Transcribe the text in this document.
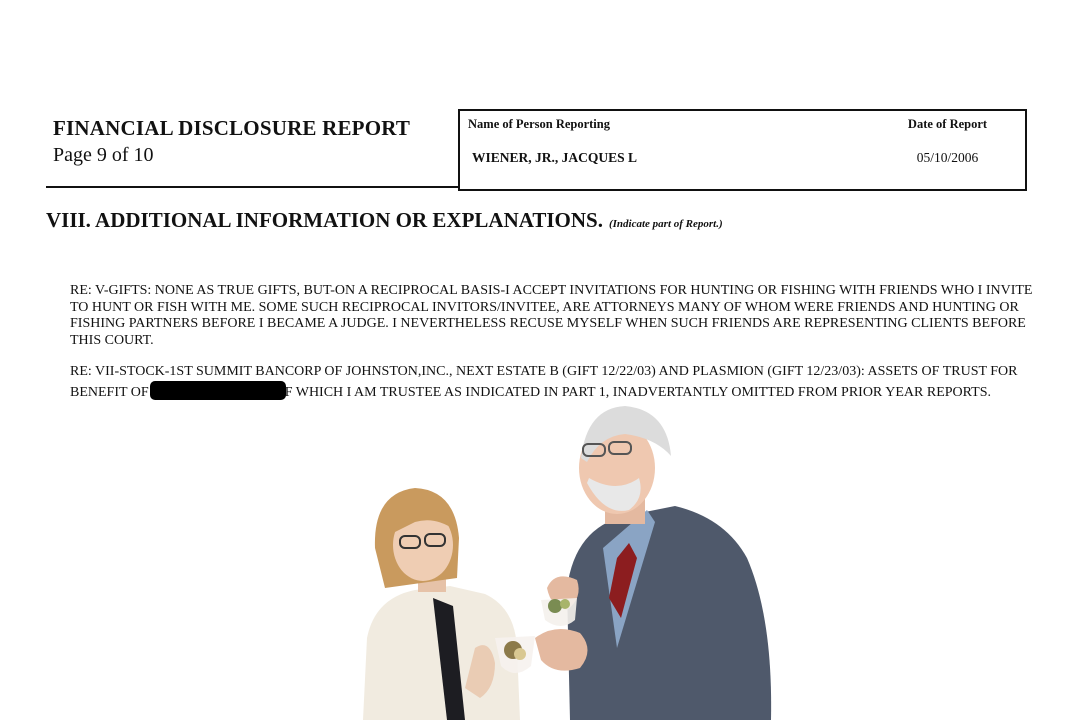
FINANCIAL DISCLOSURE REPORT
Page 9 of 10
Name of Person Reporting
WIENER, JR., JACQUES L
Date of Report
05/10/2006
VIII. ADDITIONAL INFORMATION OR EXPLANATIONS. (Indicate part of Report.)
RE: V-GIFTS: NONE AS TRUE GIFTS, BUT-ON A RECIPROCAL BASIS-I ACCEPT INVITATIONS FOR HUNTING OR FISHING WITH FRIENDS WHO I INVITE TO HUNT OR FISH WITH ME. SOME SUCH RECIPROCAL INVITORS/INVITEE, ARE ATTORNEYS MANY OF WHOM WERE FRIENDS AND HUNTING OR FISHING PARTNERS BEFORE I BECAME A JUDGE. I NEVERTHELESS RECUSE MYSELF WHEN SUCH FRIENDS ARE REPRESENTING CLIENTS BEFORE THIS COURT.
RE: VII-STOCK-1ST SUMMIT BANCORP OF JOHNSTON,INC., NEXT ESTATE B (GIFT 12/22/03) AND PLASMION (GIFT 12/23/03): ASSETS OF TRUST FOR BENEFIT OF	F WHICH I AM TRUSTEE AS INDICATED IN PART 1, INADVERTANTLY OMITTED FROM PRIOR YEAR REPORTS.
